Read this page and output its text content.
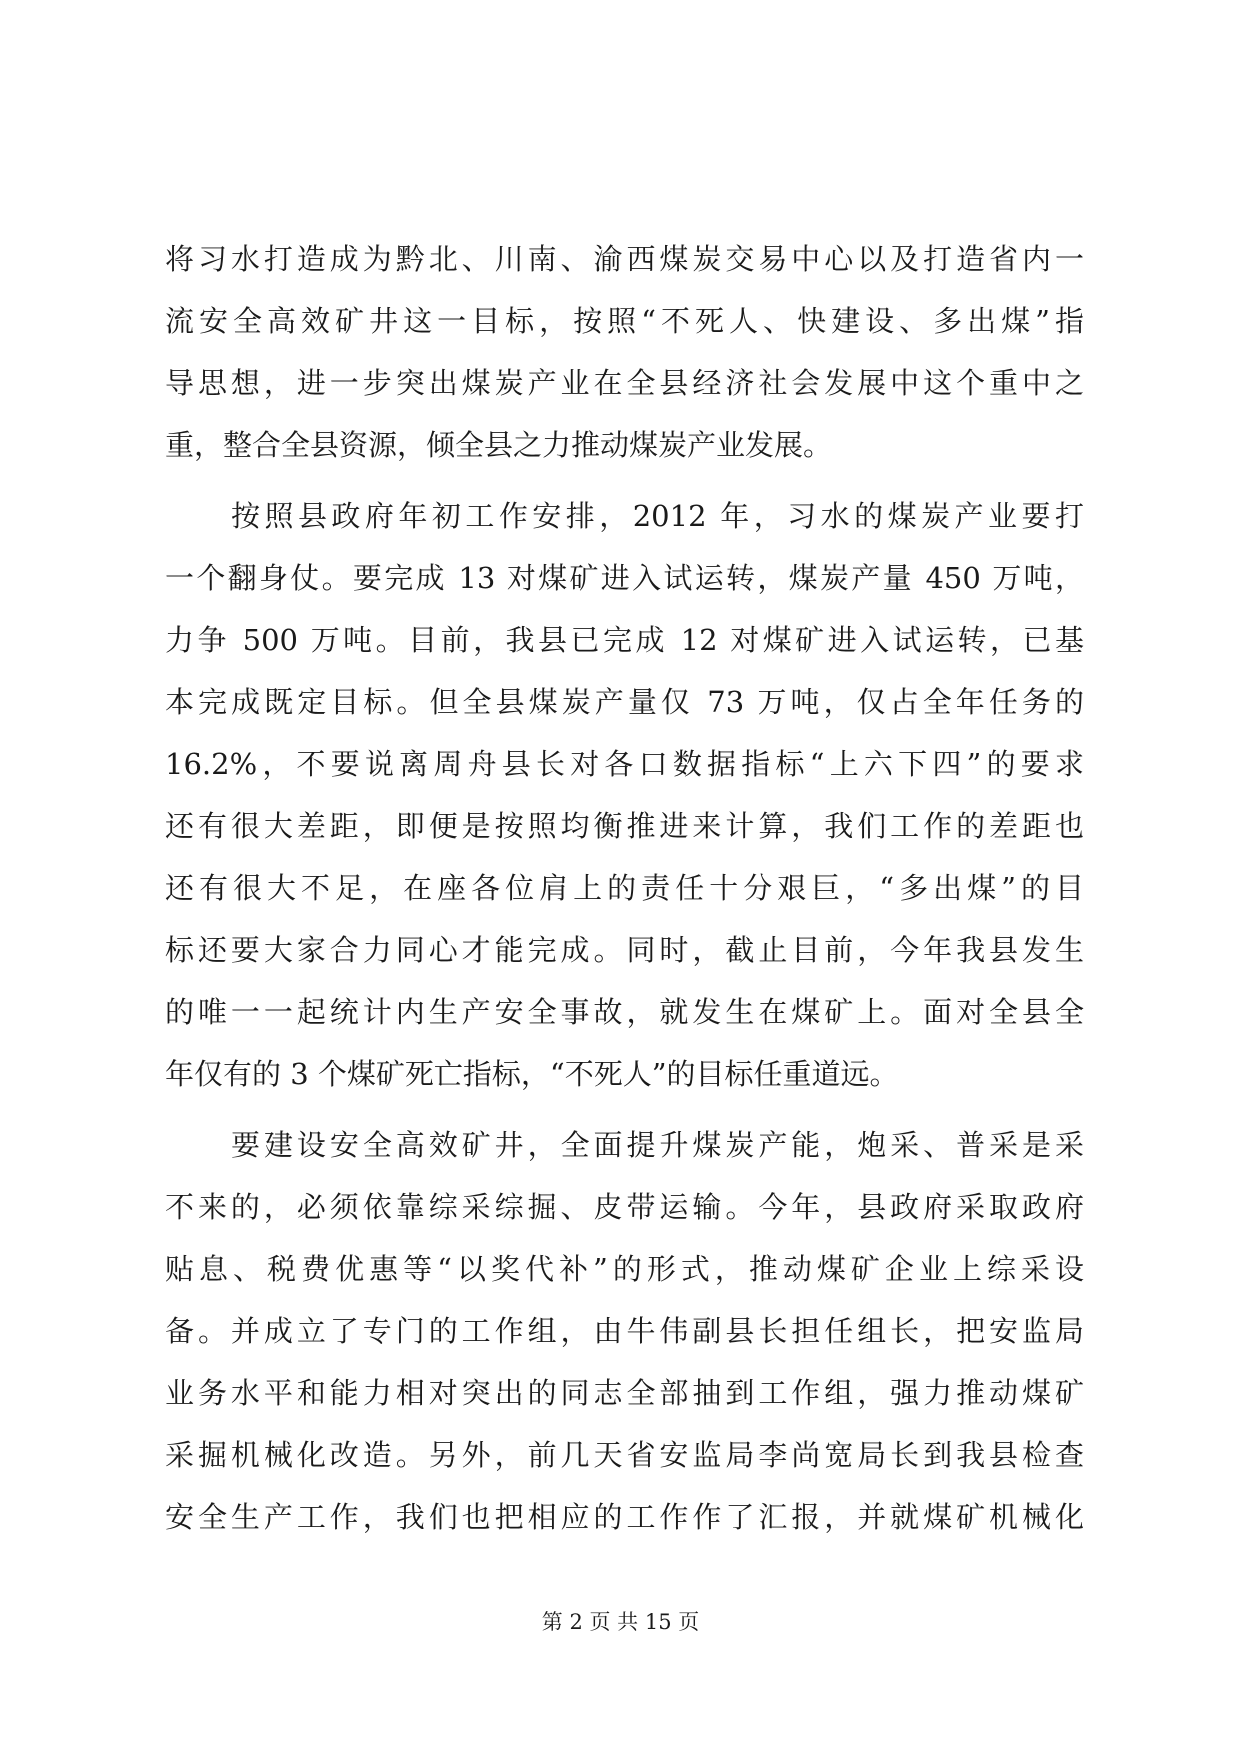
将习水打造成为黔北、川南、渝西煤炭交易中心以及打造省内一
流安全高效矿井这一目标，按照“不死人、快建设、多出煤”指
导思想，进一步突出煤炭产业在全县经济社会发展中这个重中之
重，整合全县资源，倾全县之力推动煤炭产业发展。
按照县政府年初工作安排，2012 年，习水的煤炭产业要打
一个翻身仗。要完成 13 对煤矿进入试运转，煤炭产量 450 万吨，
力争 500 万吨。目前，我县已完成 12 对煤矿进入试运转，已基
本完成既定目标。但全县煤炭产量仅 73 万吨，仅占全年任务的
16.2%，不要说离周舟县长对各口数据指标“上六下四”的要求
还有很大差距，即便是按照均衡推进来计算，我们工作的差距也
还有很大不足，在座各位肩上的责任十分艰巨，“多出煤”的目
标还要大家合力同心才能完成。同时，截止目前，今年我县发生
的唯一一起统计内生产安全事故，就发生在煤矿上。面对全县全
年仅有的 3 个煤矿死亡指标，“不死人”的目标任重道远。
要建设安全高效矿井，全面提升煤炭产能，炮采、普采是采
不来的，必须依靠综采综掘、皮带运输。今年，县政府采取政府
贴息、税费优惠等“以奖代补”的形式，推动煤矿企业上综采设
备。并成立了专门的工作组，由牛伟副县长担任组长，把安监局
业务水平和能力相对突出的同志全部抽到工作组，强力推动煤矿
采掘机械化改造。另外，前几天省安监局李尚宽局长到我县检查
安全生产工作，我们也把相应的工作作了汇报，并就煤矿机械化
第 2 页 共 15 页
